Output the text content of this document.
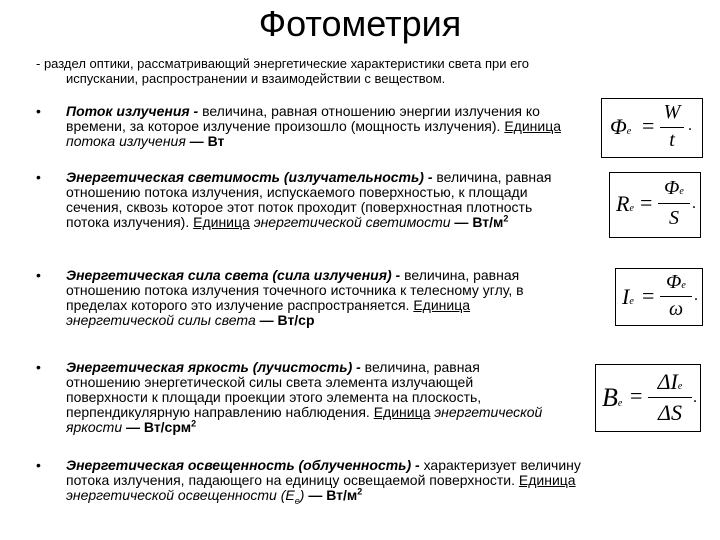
Фотометрия
- раздел оптики, рассматривающий энергетические характеристики света при его
испускании, распространении и взаимодействии с веществом.
• Поток излучения - величина, равная отношению энергии излучения ко времени, за которое излучение произошло (мощность излучения). Единица потока излучения — Вт
• Энергетическая светимость (излучательность) - величина, равная отношению потока излучения, испускаемого поверхностью, к площади сечения, сквозь которое этот поток проходит (поверхностная плотность потока излучения). Единица энергетической светимости — $Вт/м^2$
• Энергетическая сила света (сила излучения) - величина, равная отношению потока излучения точечного источника к телесному углу, в пределах которого это излучение распространяется. Единица энергетической силы света — Вт/ср
• Энергетическая яркость (лучистость) - величина, равная отношению энергетической силы света элемента излучающей поверхности к площади проекции этого элемента на плоскость, перпендикулярную направлению наблюдения. Единица энергетической яркости — Вт/срм$^2$
• Энергетическая освещенность (облученность) - характеризует величину потока излучения, падающего на единицу освещаемой поверхности. Единица энергетической освещенности $(E_e)$ — $Вт/м^2$
Φe =
W
t
.
Re =
Φe
S
.
Ie =
Φe
ω
.
Be =
ΔIe
ΔS
.
